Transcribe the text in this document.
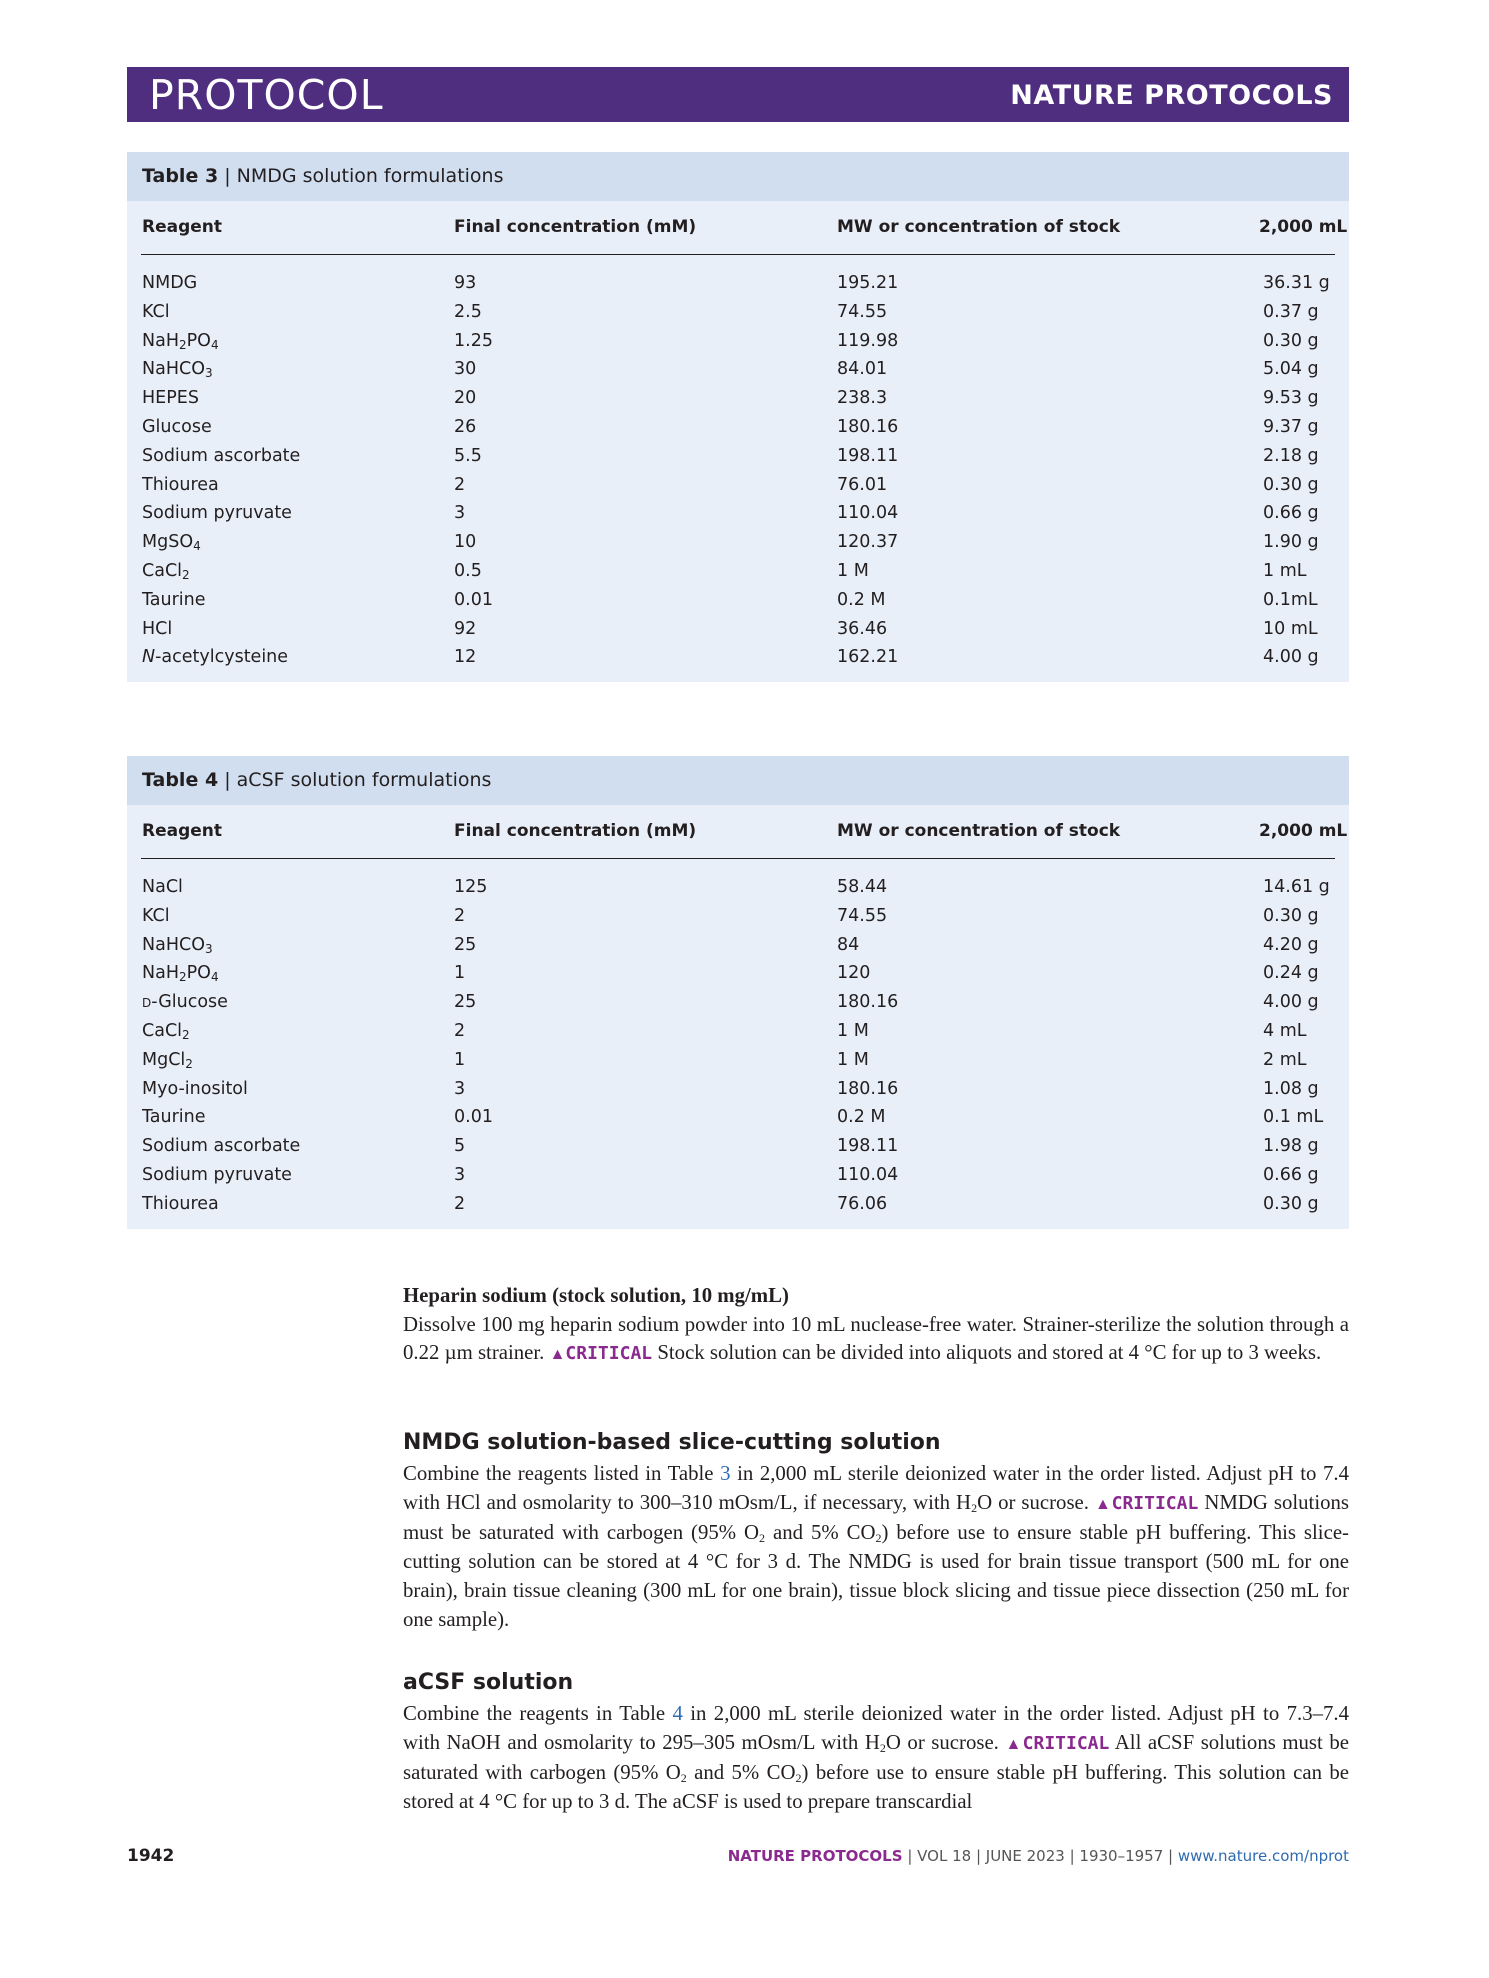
PROTOCOL	NATURE PROTOCOLS
Table 3 | NMDG solution formulations
Reagent	Final concentration (mM)	MW or concentration of stock	2,000 mL
NMDG	93	195.21	36.31 g
KCl	2.5	74.55	0.37 g
$NaH_2PO_4$	1.25	119.98	0.30 g
NaHCO$_3$	30	84.01	5.04 g
HEPES	20	238.3	9.53 g
Glucose	26	180.16	9.37 g
Sodium ascorbate	5.5	198.11	2.18 g
Thiourea	2	76.01	0.30 g
Sodium pyruvate	3	110.04	0.66 g
MgSO$_4$	10	120.37	1.90 g
CaCl$_2$	0.5	1 M	1 mL
Taurine	0.01	0.2 M	0.1mL
HCl	92	36.46	10 mL
N-acetylcysteine	12	162.21	4.00 g
Table 4 | aCSF solution formulations
Reagent	Final concentration (mM)	MW or concentration of stock	2,000 mL
NaCl	125	58.44	14.61 g
KCl	2	74.55	0.30 g
NaHCO$_3$	25	84	4.20 g
$NaH_2PO_4$	1	120	0.24 g
D-Glucose	25	180.16	4.00 g
CaCl$_2$	2	1 M	4 mL
MgCl$_2$	1	1 M	2 mL
Myo-inositol	3	180.16	1.08 g
Taurine	0.01	0.2 M	0.1 mL
Sodium ascorbate	5	198.11	1.98 g
Sodium pyruvate	3	110.04	0.66 g
Thiourea	2	76.06	0.30 g
Heparin sodium (stock solution, 10 mg/mL)
Dissolve 100 mg heparin sodium powder into 10 mL nuclease-free water. Strainer-sterilize the solution through a 0.22 µm strainer. ▲CRITICAL Stock solution can be divided into aliquots and stored at 4 °C for up to 3 weeks.
NMDG solution-based slice-cutting solution
Combine the reagents listed in Table 3 in 2,000 mL sterile deionized water in the order listed. Adjust pH to 7.4 with HCl and osmolarity to 300–310 mOsm/L, if necessary, with $H_2O$ or sucrose. ▲CRITICAL NMDG solutions must be saturated with carbogen (95% $O_2$ and 5% $CO_2$) before use to ensure stable pH buffering. This slice-cutting solution can be stored at 4 °C for 3 d. The NMDG is used for brain tissue transport (500 mL for one brain), brain tissue cleaning (300 mL for one brain), tissue block slicing and tissue piece dissection (250 mL for one sample).
aCSF solution
Combine the reagents in Table 4 in 2,000 mL sterile deionized water in the order listed. Adjust pH to 7.3–7.4 with NaOH and osmolarity to 295–305 mOsm/L with $H_2O$ or sucrose. ▲CRITICAL All aCSF solutions must be saturated with carbogen (95% $O_2$ and 5% $CO_2$) before use to ensure stable pH buffering. This solution can be stored at 4 °C for up to 3 d. The aCSF is used to prepare transcardial
1942	NATURE PROTOCOLS | VOL 18 | JUNE 2023 | 1930–1957 | www.nature.com/nprot
